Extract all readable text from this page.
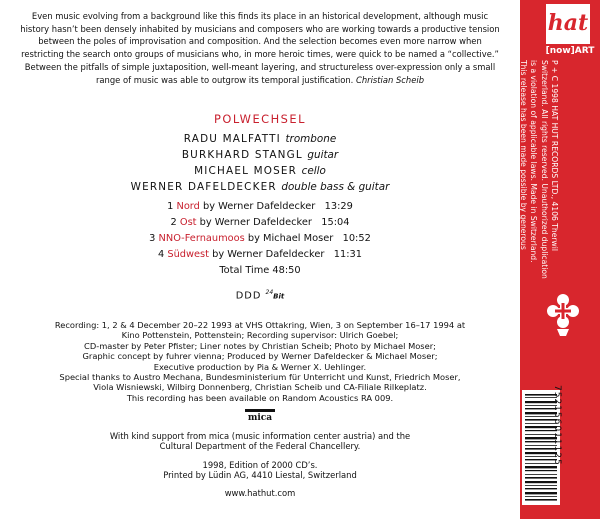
Even music evolving from a background like this finds its place in an historical development, although music history hasn’t been densely inhabited by musicians and composers who are working towards a productive tension between the poles of improvisation and composition. And the selection becomes even more narrow when restricting the search onto groups of musicians who, in more heroic times, were quick to be named a “collective.” Between the pitfalls of simple juxtaposition, well-meant layering, and structureless over-expression only a small range of music was able to outgrow its temporal justification. Christian Scheib
POLWECHSEL
RADU MALFATTI trombone
BURKHARD STANGL guitar
MICHAEL MOSER cello
WERNER DAFELDECKER double bass & guitar
1 Nord by Werner Dafeldecker 13:29
2 Ost by Werner Dafeldecker 15:04
3 NNO-Fernaumoos by Michael Moser 10:52
4 Südwest by Werner Dafeldecker 11:31
Total Time 48:50
DDD $^{24}$Bit
Recording: 1, 2 & 4 December 20–22 1993 at VHS Ottakring, Wien, 3 on September 16–17 1994 at
Kino Pottenstein, Pottenstein; Recording supervisor: Ulrich Goebel;
CD-master by Peter Pfister; Liner notes by Christian Scheib; Photo by Michael Moser;
Graphic concept by fuhrer vienna; Produced by Werner Dafeldecker & Michael Moser;
Executive production by Pia & Werner X. Uehlinger.
Special thanks to Austro Mechana, Bundesministerium für Unterricht und Kunst, Friedrich Moser,
Viola Wisniewski, Wilbirg Donnenberg, Christian Scheib und CA-Filiale Rilkeplatz.
This recording has been available on Random Acoustics RA 009.
mica
With kind support from mica (music information center austria) and the
Cultural Department of the Federal Chancellery.
1998, Edition of 2000 CD’s.
Printed by Lüdin AG, 4410 Liestal, Switzerland
www.hathut.com
hat
[now]ART
P + C 1998 HAT HUT RECORDS LTD., 4106 Therwil
Switzerland. All rights reserved. Unauthorized duplication
is a violation of applicable laws. Made in Switzerland.
This release has been made possible by generous
financial assistance of SWISS BANK CORPORATION
752156011125
